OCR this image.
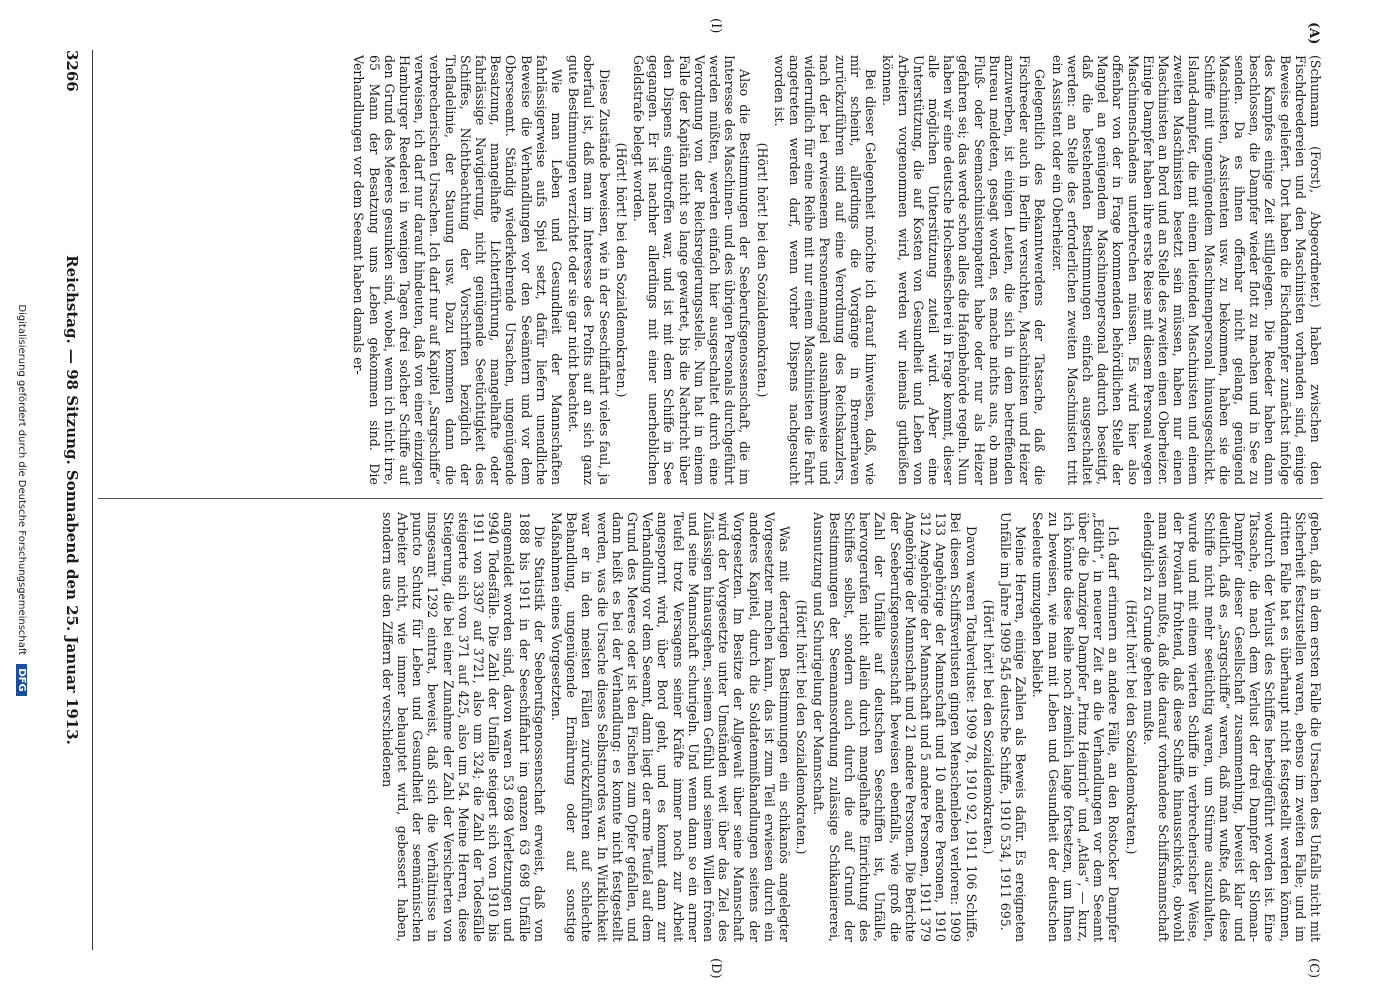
3266
Reichstag. — 98 Sitzung. Sonnabend den 25. Januar 1913.
(A)
(I)
(C)
(D)

(Schumann (Forst), Abgeordneter.) haben zwischen den Fischdreedereien und den Maschinisten vorhanden sind, einige Beweise geliefert. Dort haben die Fischdampfer zunächst infolge des Kampfes einige Zeit stillgelegen. Die Reeder haben dann beschlossen, die Dampfer wieder flott zu machen und in See zu senden. Da es ihnen offenbar nicht gelang, genügend Maschinisten, Assistenten usw. zu bekommen, haben sie die Schiffe mit ungenügendem Maschinenpersonal hinausgeschickt. Island-dampfer, die mit einem leitenden Maschinisten und einem zweiten Maschinisten besetzt sein müssen, haben nur einen Maschinisten an Bord und an Stelle des zweiten einen Oberheizer. Einige Dampfer haben ihre erste Reise mit diesem Personal wegen Maschinenschadens unterbrechen müssen. Es wird hier also offenbar von der in Frage kommenden behördlichen Stelle der Mangel an genügendem Maschinenpersonal dadurch beseitigt, daß die bestehenden Bestimmungen einfach ausgeschaltet werden: an Stelle des erforderlichen zweiten Maschinisten tritt ein Assistent oder ein Oberheizer.

Gelegentlich des Bekanntwerdens der Tatsache, daß die Fischreeder auch in Berlin versuchten, Maschinisten und Heizer anzuwerben, ist einigen Leuten, die sich in dem betreffenden Bureau meldeten, gesagt worden, es mache nichts aus, ob man Fluß- oder Seemaschinistenpatent habe oder nur als Heizer gefahren sei; das werde schon alles die Hafenbehörde regeln. Nun haben wir eine deutsche Hochseefischerei in Frage kommt, dieser alle möglichen Unterstützung zuteil wird. Aber eine Unterstützung, die auf Kosten von Gesundheit und Leben von Arbeitern vorgenommen wird, werden wir niemals gutheißen können.

Bei dieser Gelegenheit möchte ich darauf hinweisen, daß, wie mir scheint, allerdings die Vorgänge in Bremerhaven zurückzuführen sind auf eine Verordnung des Reichskanzlers, nach der bei erwiesenem Personenmangel ausnahmsweise und widerruflich für eine Reihe mit nur einem Maschinisten die Fahrt angetreten werden darf, wenn vorher Dispens nachgesucht worden ist.

(Hört! hört! bei den Sozialdemokraten.)

Also die Bestimmungen der Seeberufsgenossenschaft, die im Interesse des Maschinen- und des übrigen Personals durchgeführt werden müßten, werden einfach hier ausgeschaltet durch eine Verordnung von der Reichsregierungsstelle. Nun hat in einem Falle der Kapitän nicht so lange gewartet, bis die Nachricht über den Dispens eingetroffen war, und ist mit dem Schiffe in See gegangen. Er ist nachher allerdings mit einer unerheblichen Geldstrafe belegt worden.

(Hört! hört! bei den Sozialdemokraten.)

Diese Zustände beweisen, wie in der Seeschiffahrt vieles faul, ja oberfaul ist, daß man im Interesse des Profits auf an sich ganz gute Bestimmungen verzichtet oder sie gar nicht beachtet.

Wie man Leben und Gesundheit der Mannschaften fahrlässigerweise aufs Spiel setzt, dafür liefern unendliche Beweise die Verhandlungen vor den Seeämtern und vor dem Oberseeamt. Ständig wiederkehrende Ursachen, ungenügende Besatzung, mangelhafte Lichterführung, mangelhafte oder fahrlässige Navigierung, nicht genügende Seetüchtigkeit des Schiffes, Nichtbeachtung der Vorschriften bezüglich der Tiefladelinie, der Stauung usw. Dazu kommen dann die verbrecherischen Ursachen. Ich darf nur auf Kapitel „Sargschiffe“ verweisen, ich darf nur darauf hindeuten, daß von einer einzigen Hamburger Reederei in wenigen Tagen drei solcher Schiffe auf den Grund des Meeres gesunken sind, wobei, wenn ich nicht irre, 65 Mann der Besatzung ums Leben gekommen sind. Die Verhandlungen vor dem Seeamt haben damals er-

geben, daß in dem ersten Falle die Ursachen des Unfalls nicht mit Sicherheit festzustellen waren, ebenso im zweiten Falle; und im dritten Falle hat es überhaupt nicht festgestellt werden können, wodurch der Verlust des Schiffes herbeigeführt worden ist. Eine Tatsache, die nach dem Verlust der drei Dampfer der Sloman-Dampfer dieser Gesellschaft zusammenhing, beweist klar und deutlich, daß es „Sargschiffe“ waren, daß man wußte, daß diese Schiffe nicht mehr seetüchtig waren, um Stürme auszuhalten, wurde und mit einem vierten Schiffe in verbrecherischer Weise, der Proviant frohtend, daß diese Schiffe hinausschickte, obwohl man wissen mußte, daß die darauf vorhandene Schiffsmannschaft elendiglich zu Grunde gehen mußte.

(Hört! hört! bei den Sozialdemokraten.)

Ich darf erinnern an andere Fälle, an den Rostocker Dampfer „Edith“, in neuerer Zeit an die Verhandlungen vor dem Seeamt über die Danziger Dampfer „Prinz Heinrich“ und „Atlas“, — kurz, ich könnte diese Reihe noch ziemlich lange fortsetzen, um Ihnen zu beweisen, wie man mit Leben und Gesundheit der deutschen Seeleute umzugehen beliebt.

Meine Herren, einige Zahlen als Beweis dafür. Es ereigneten Unfälle im Jahre 1909 545 deutsche Schiffe, 1910 534, 1911 695.

(Hört! hört! bei den Sozialdemokraten.)

Davon waren Totalverluste: 1909 78, 1910 92, 1911 106 Schiffe. Bei diesen Schiffsverlusten gingen Menschenleben verloren: 1909 133 Angehörige der Mannschaft und 10 andere Personen, 1910 312 Angehörige der Mannschaft und 5 andere Personen, 1911 379 Angehörige der Mannschaft und 21 andere Personen. Die Berichte der Seeberufsgenossenschaft beweisen ebenfalls, wie groß die Zahl der Unfälle auf deutschen Seeschiffen ist, Unfälle, hervorgerufen nicht allein durch mangelhafte Einrichtung des Schiffes selbst, sondern auch durch die auf Grund der Bestimmungen der Seemannsordnung zulässige Schikaniererei, Ausnutzung und Schurigelung der Mannschaft.

(Hört! hört! bei den Sozialdemokraten.)

Was mit derartigen Bestimmungen ein schikanös angelegter Vorgesetzter machen kann, das ist zum Teil erwiesen durch ein anderes Kapitel, durch die Soldatenmißhandlungen seitens der Vorgesetzten. Im Besitze der Allgewalt über seine Mannschaft wird der Vorgesetzte unter Umständen weit über das Ziel des Zulässigen hinausgehen, seinem Gefühl und seinem Willen frönen und seine Mannschaft schurigeln. Und wenn dann so ein armer Teufel trotz Versagens seiner Kräfte immer noch zur Arbeit angespornt wird, über Bord geht, und es kommt dann zur Verhandlung vor dem Seeamt, dann liegt der arme Teufel auf dem Grund des Meeres oder ist den Fischen zum Opfer gefallen, und dann heißt es bei der Verhandlung: es konnte nicht festgestellt werden, was die Ursache dieses Selbstmordes war. In Wirklichkeit war er in den meisten Fällen zurückzuführen auf schlechte Behandlung, ungenügende Ernährung oder auf sonstige Maßnahmen eines Vorgesetzten.

Die Statistik der Seeberufsgenossenschaft erweist, daß von 1888 bis 1911 in der Seeschiffahrt im ganzen 63 698 Unfälle angemeldet worden sind, davon waren 53 698 Verletzungen und 9940 Todesfälle. Die Zahl der Unfälle steigert sich von 1910 bis 1911 von 3397 auf 3721, also um 324; die Zahl der Todesfälle steigerte sich von 371 auf 425, also um 54. Meine Herren, diese Steigerung, die bei einer Zunahme der Zahl der Versicherten von insgesamt 1292 eintrat, beweist, daß sich die Verhältnisse in puncto Schutz für Leben und Gesundheit der seemännischen Arbeiter nicht, wie immer behauptet wird, gebessert haben, sondern aus den Ziffern der verschiedenen

Digitalisierung gefördert durch die Deutsche Forschungsgemeinschaft DFG
